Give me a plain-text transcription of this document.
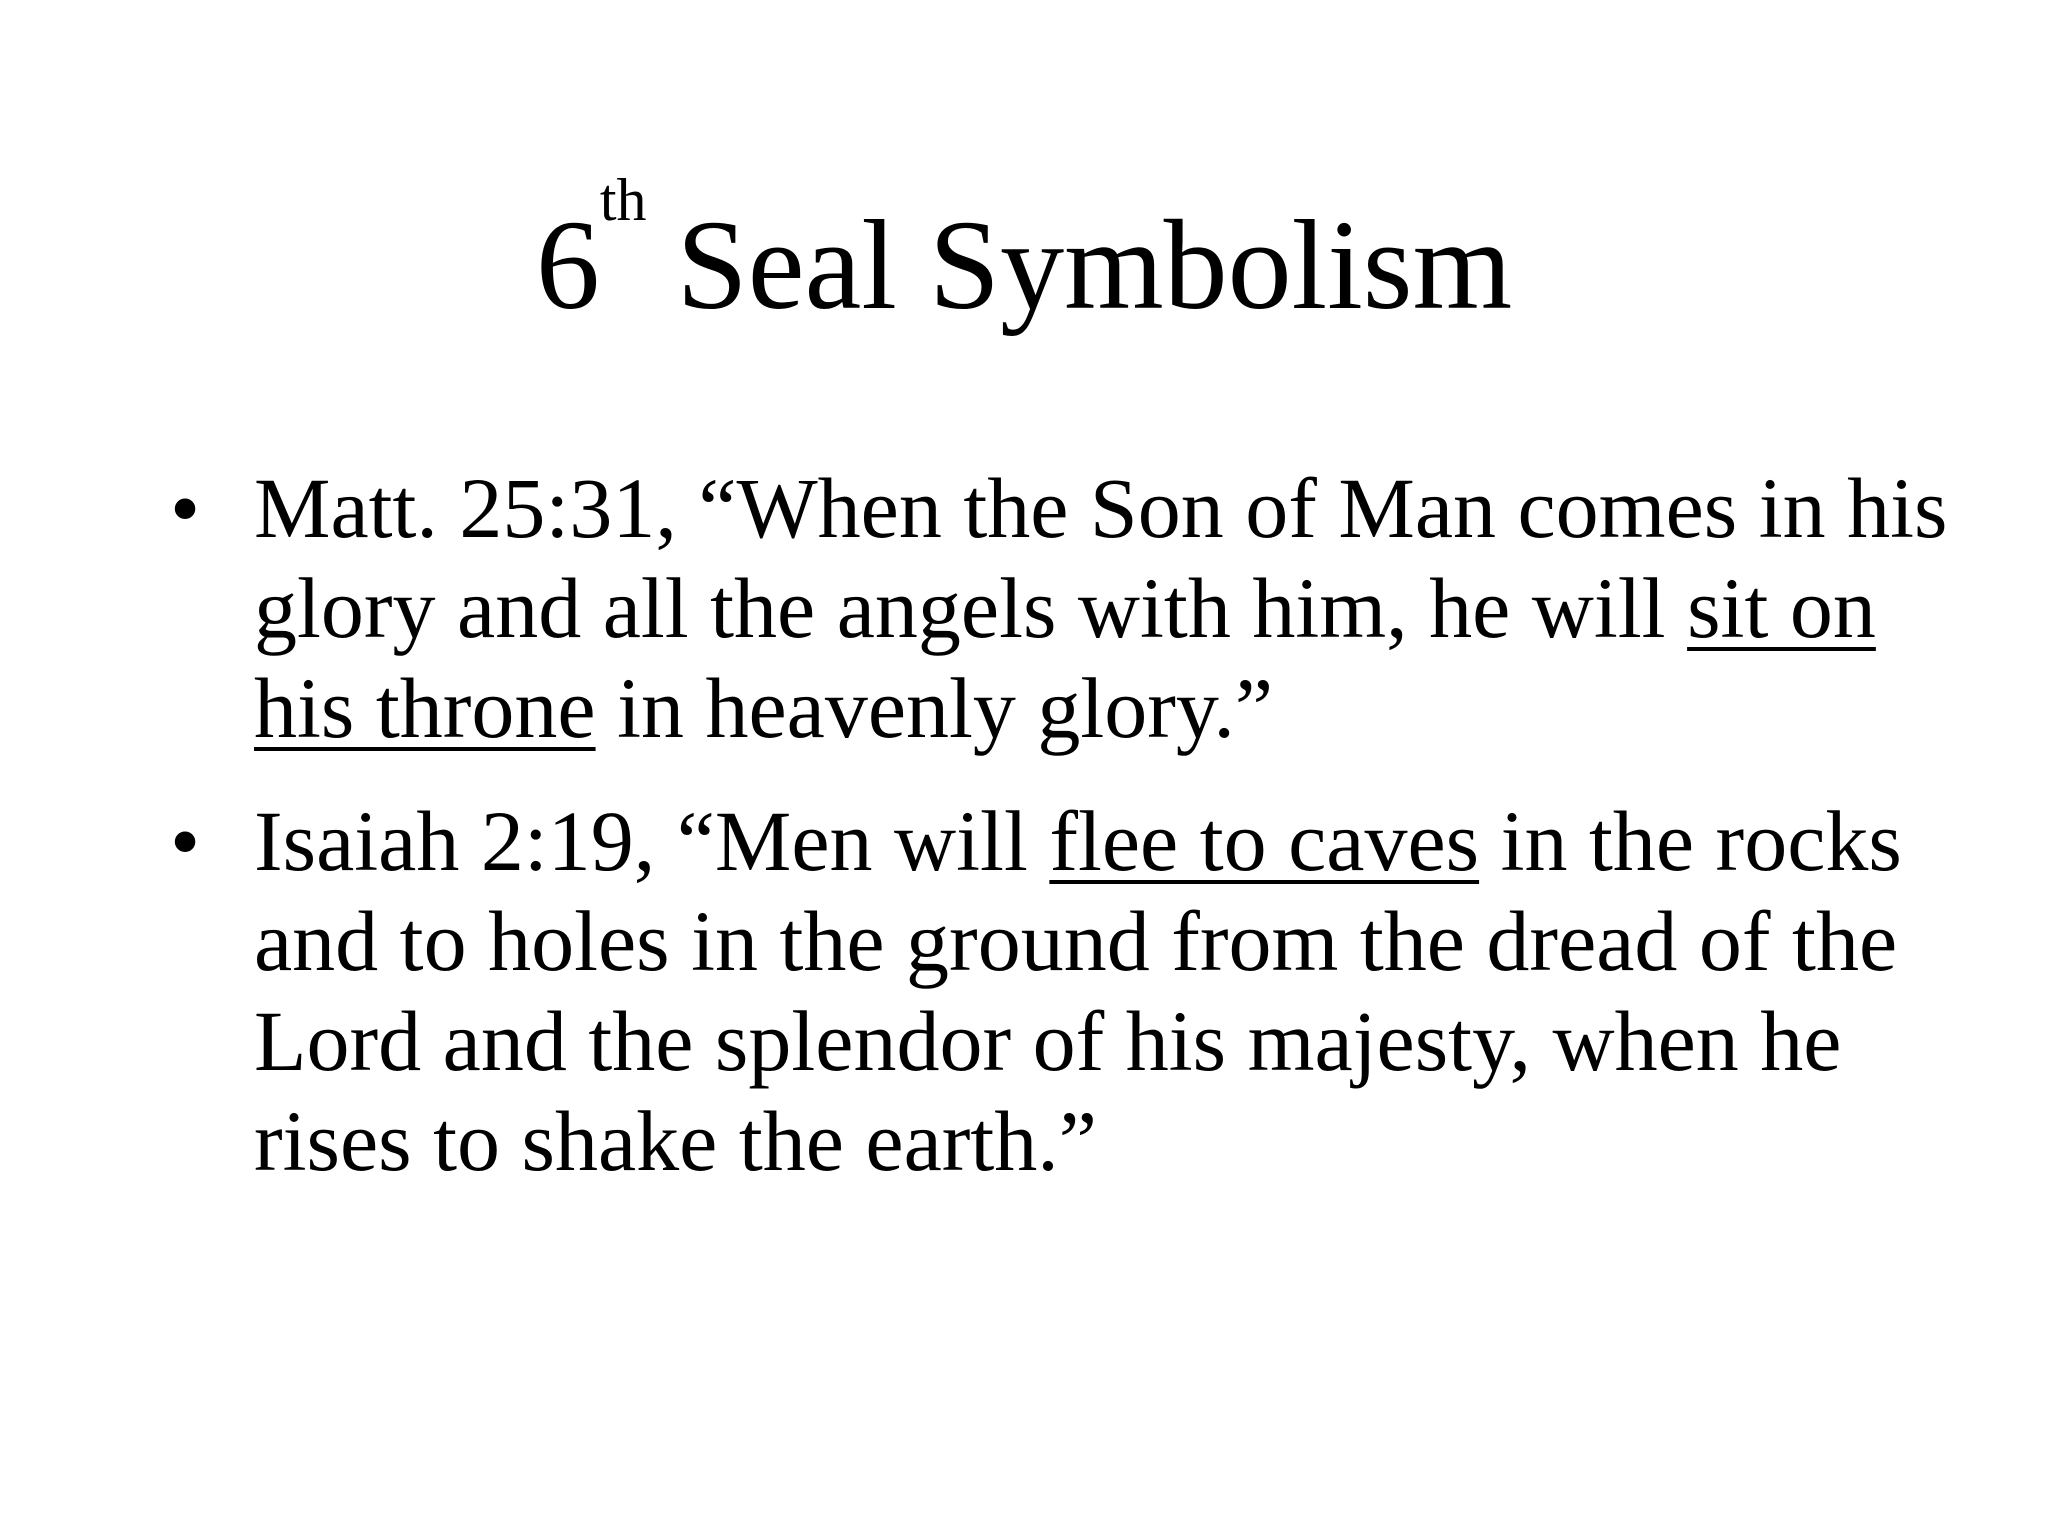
6th Seal Symbolism
• Matt. 25:31, “When the Son of Man comes in his glory and all the angels with him, he will sit on his throne in heavenly glory.”
• Isaiah 2:19, “Men will flee to caves in the rocks and to holes in the ground from the dread of the Lord and the splendor of his majesty, when he rises to shake the earth.”
